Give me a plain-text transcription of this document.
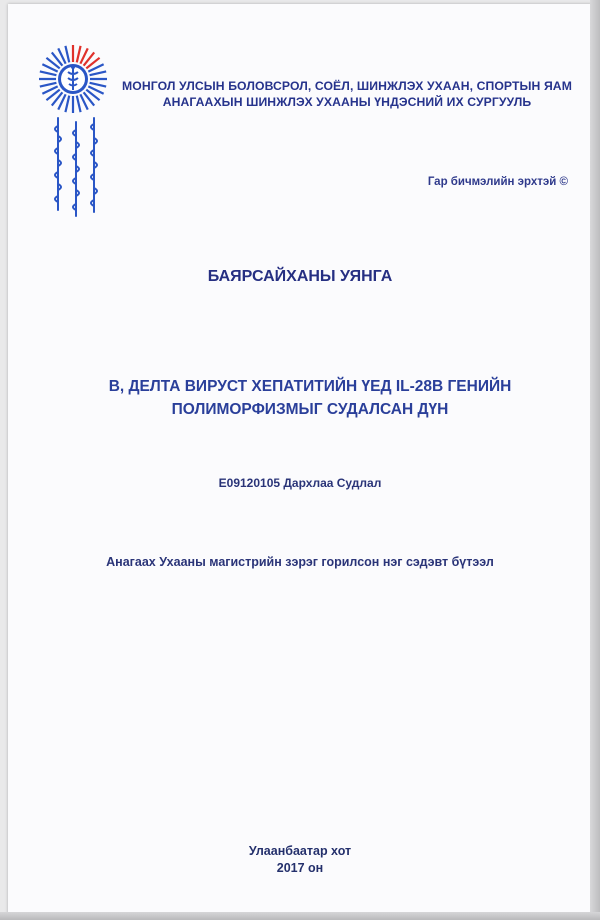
МОНГОЛ УЛСЫН БОЛОВСРОЛ, СОЁЛ, ШИНЖЛЭХ УХААН, СПОРТЫН ЯАМ
АНАГААХЫН ШИНЖЛЭХ УХААНЫ ҮНДЭСНИЙ ИХ СУРГУУЛЬ
Гар бичмэлийн эрхтэй ©
БАЯРСАЙХАНЫ УЯНГА
B, ДЕЛТА ВИРУСТ ХЕПАТИТИЙН ҮЕД IL-28B ГЕНИЙН
ПОЛИМОРФИЗМЫГ СУДАЛСАН ДҮН
E09120105 Дархлаа Судлал
Анагаах Ухааны магистрийн зэрэг горилсон нэг сэдэвт бүтээл
Улаанбаатар хот
2017 он
